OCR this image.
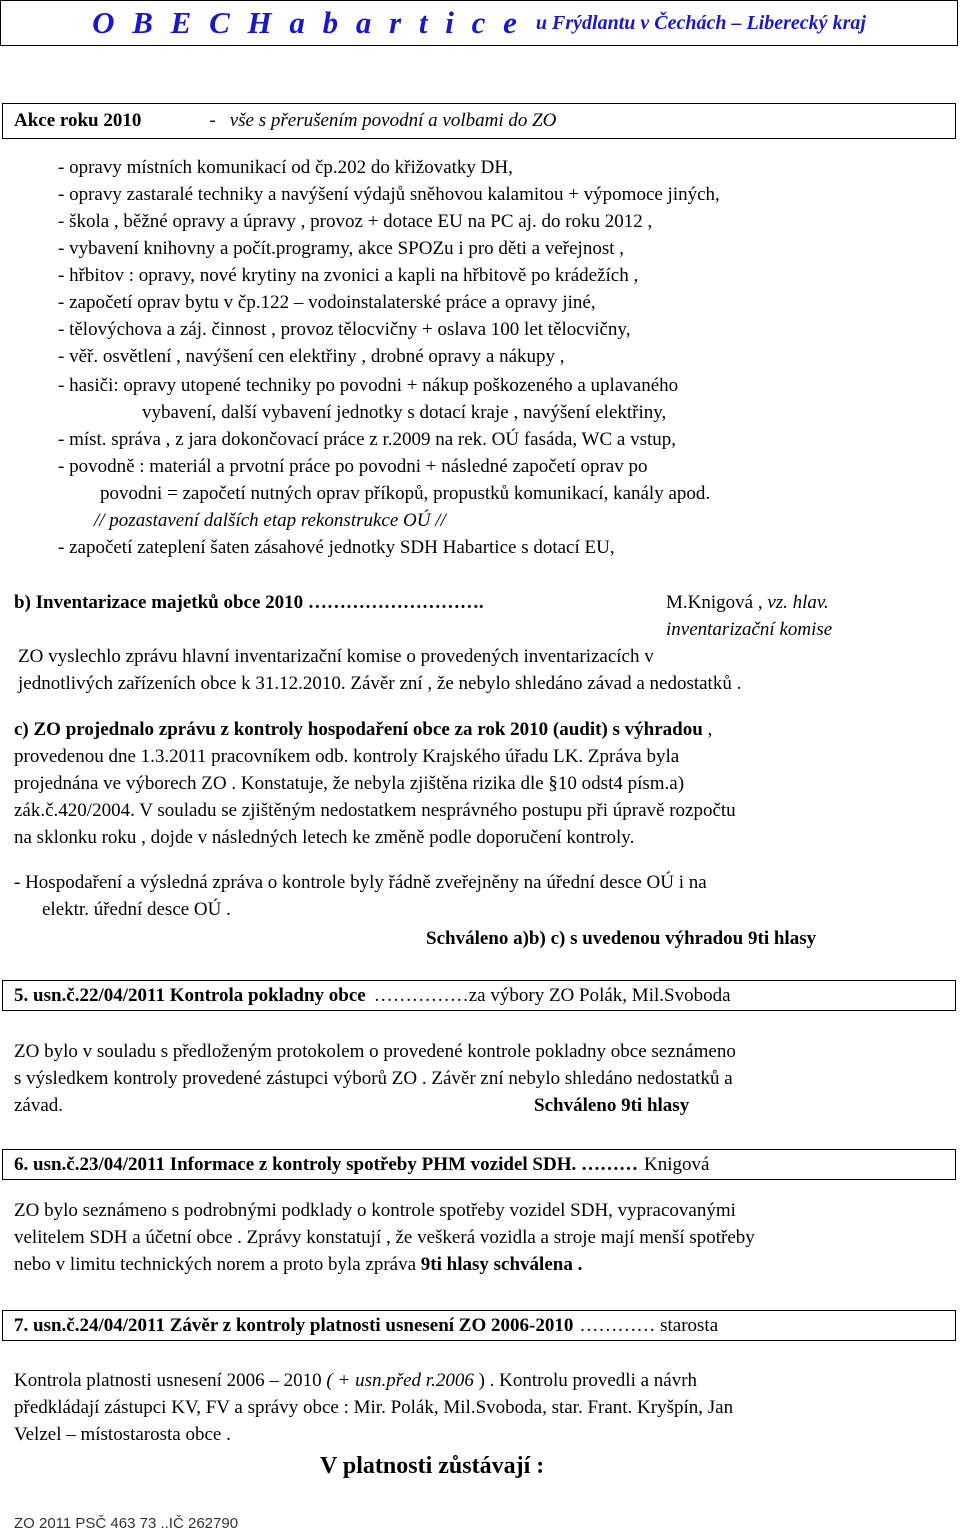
O B E C H a b a r t i c e u Frýdlantu v Čechách – Liberecký kraj
Akce roku 2010	- vše s přerušením povodní a volbami do ZO
- opravy místních komunikací od čp.202 do křižovatky DH,
- opravy zastaralé techniky a navýšení výdajů sněhovou kalamitou + výpomoce jiných,
- škola , běžné opravy a úpravy , provoz + dotace EU na PC aj. do roku 2012 ,
- vybavení knihovny a počít.programy, akce SPOZu i pro děti a veřejnost ,
- hřbitov : opravy, nové krytiny na zvonici a kapli na hřbitově po krádežích ,
- započetí oprav bytu v čp.122 – vodoinstalaterské práce a opravy jiné,
- tělovýchova a záj. činnost , provoz tělocvičny + oslava 100 let tělocvičny,
- věř. osvětlení , navýšení cen elektřiny , drobné opravy a nákupy ,
- hasiči: opravy utopené techniky po povodni + nákup poškozeného a uplavaného
vybavení, další vybavení jednotky s dotací kraje , navýšení elektřiny,
- míst. správa , z jara dokončovací práce z r.2009 na rek. OÚ fasáda, WC a vstup,
- povodně : materiál a prvotní práce po povodni + následné započetí oprav po
povodni = započetí nutných oprav příkopů, propustků komunikací, kanály apod.
// pozastavení dalších etap rekonstrukce OÚ //
- započetí zateplení šaten zásahové jednotky SDH Habartice s dotací EU,
b) Inventarizace majetků obce 2010 ……………………….	M.Knigová , vz. hlav.
inventarizační komise
ZO vyslechlo zprávu hlavní inventarizační komise o provedených inventarizacích v
jednotlivých zařízeních obce k 31.12.2010. Závěr zní , že nebylo shledáno závad a nedostatků .
c) ZO projednalo zprávu z kontroly hospodaření obce za rok 2010 (audit) s výhradou ,
provedenou dne 1.3.2011 pracovníkem odb. kontroly Krajského úřadu LK. Zpráva byla
projednána ve výborech ZO . Konstatuje, že nebyla zjištěna rizika dle §10 odst4 písm.a)
zák.č.420/2004. V souladu se zjištěným nedostatkem nesprávného postupu při úpravě rozpočtu
na sklonku roku , dojde v následných letech ke změně podle doporučení kontroly.
- Hospodaření a výsledná zpráva o kontrole byly řádně zveřejněny na úřední desce OÚ i na
elektr. úřední desce OÚ .
Schváleno a)b) c) s uvedenou výhradou 9ti hlasy
5. usn.č.22/04/2011 Kontrola pokladny obce ……………za výbory ZO Polák, Mil.Svoboda
ZO bylo v souladu s předloženým protokolem o provedené kontrole pokladny obce seznámeno
s výsledkem kontroly provedené zástupci výborů ZO . Závěr zní nebylo shledáno nedostatků a
závad.	Schváleno 9ti hlasy
6. usn.č.23/04/2011 Informace z kontroly spotřeby PHM vozidel SDH. ……… Knigová
ZO bylo seznámeno s podrobnými podklady o kontrole spotřeby vozidel SDH, vypracovanými
velitelem SDH a účetní obce . Zprávy konstatují , že veškerá vozidla a stroje mají menší spotřeby
nebo v limitu technických norem a proto byla zpráva 9ti hlasy schválena .
7. usn.č.24/04/2011 Závěr z kontroly platnosti usnesení ZO 2006-2010 ………… starosta
Kontrola platnosti usnesení 2006 – 2010 ( + usn.před r.2006 ) . Kontrolu provedli a návrh
předkládají zástupci KV, FV a správy obce : Mir. Polák, Mil.Svoboda, star. Frant. Kryšpín, Jan
Velzel – místostarosta obce .
V platnosti zůstávají :
ZO 2011 PSČ 463 73 ..IČ 262790
